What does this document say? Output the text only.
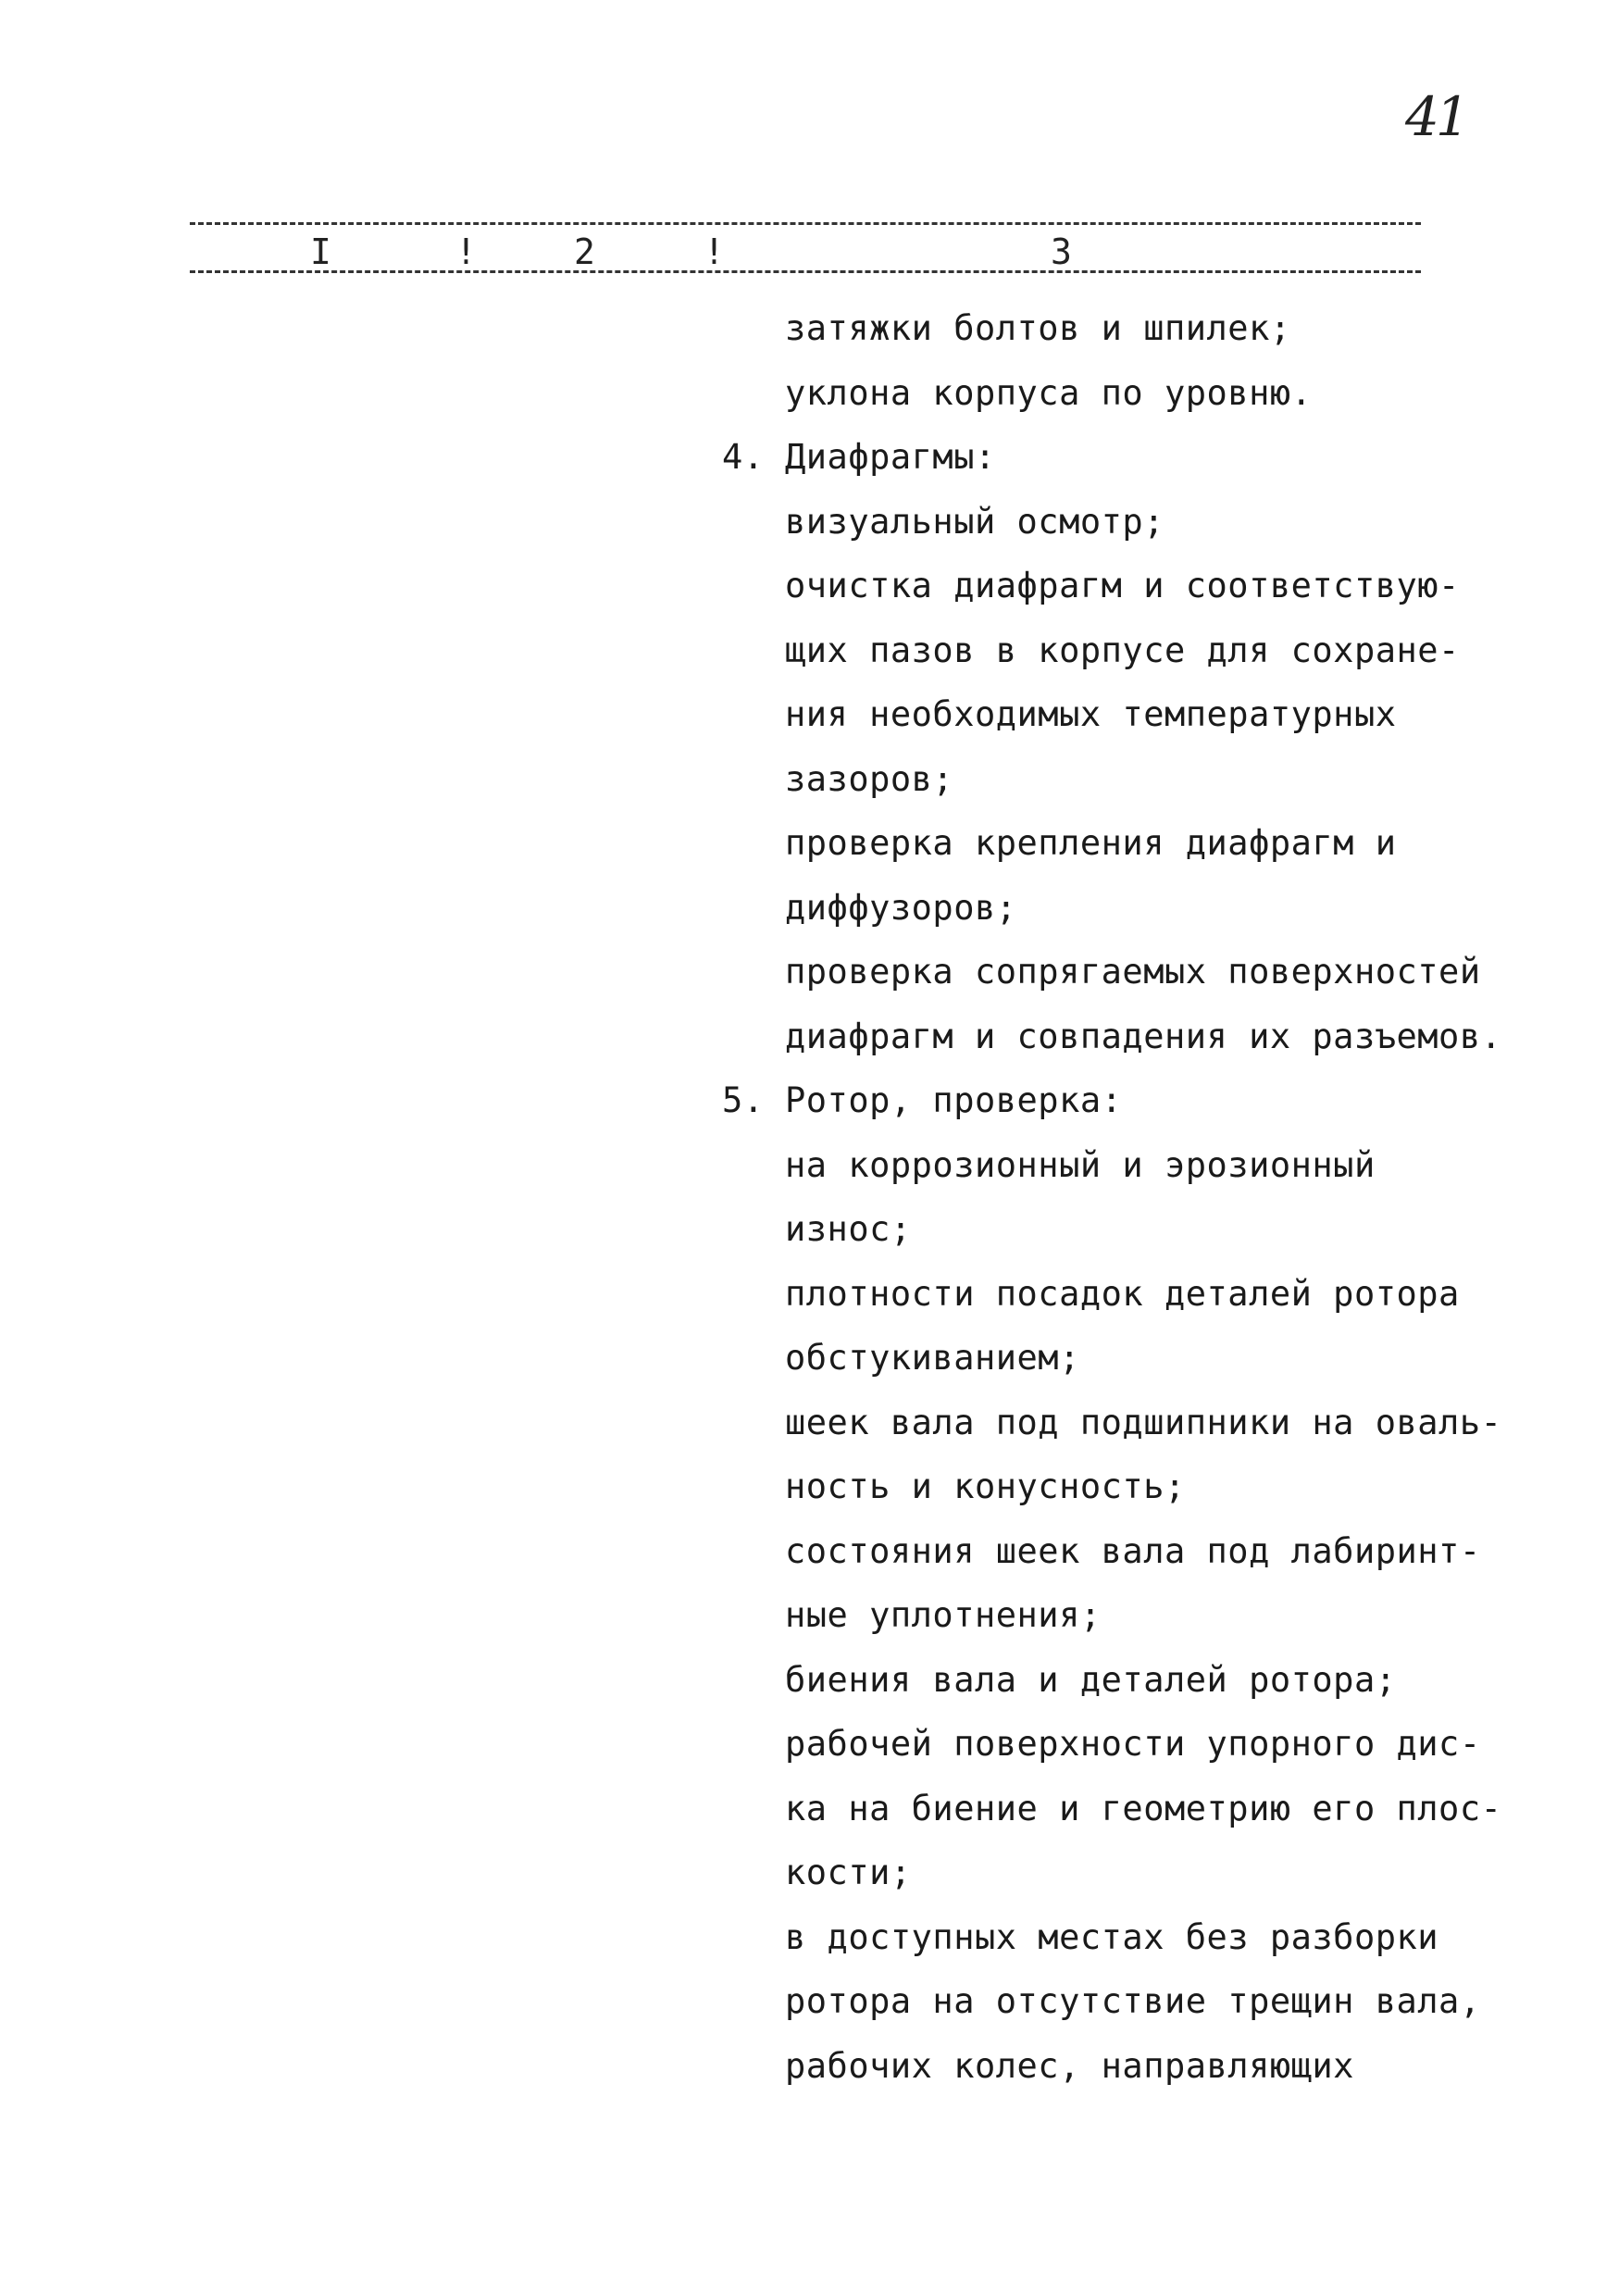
41
I	!	2	!	3
затяжки болтов и шпилек;
уклона корпуса по уровню.
4. Диафрагмы:
визуальный осмотр;
очистка диафрагм и соответствую-
щих пазов в корпусе для сохране-
ния необходимых температурных
зазоров;
проверка крепления диафрагм и
диффузоров;
проверка сопрягаемых поверхностей
диафрагм и совпадения их разъемов.
5. Ротор, проверка:
на коррозионный и эрозионный
износ;
плотности посадок деталей ротора
обстукиванием;
шеек вала под подшипники на оваль-
ность и конусность;
состояния шеек вала под лабиринт-
ные уплотнения;
биения вала и деталей ротора;
рабочей поверхности упорного дис-
ка на биение и геометрию его плос-
кости;
в доступных местах без разборки
ротора на отсутствие трещин вала,
рабочих колес, направляющих
